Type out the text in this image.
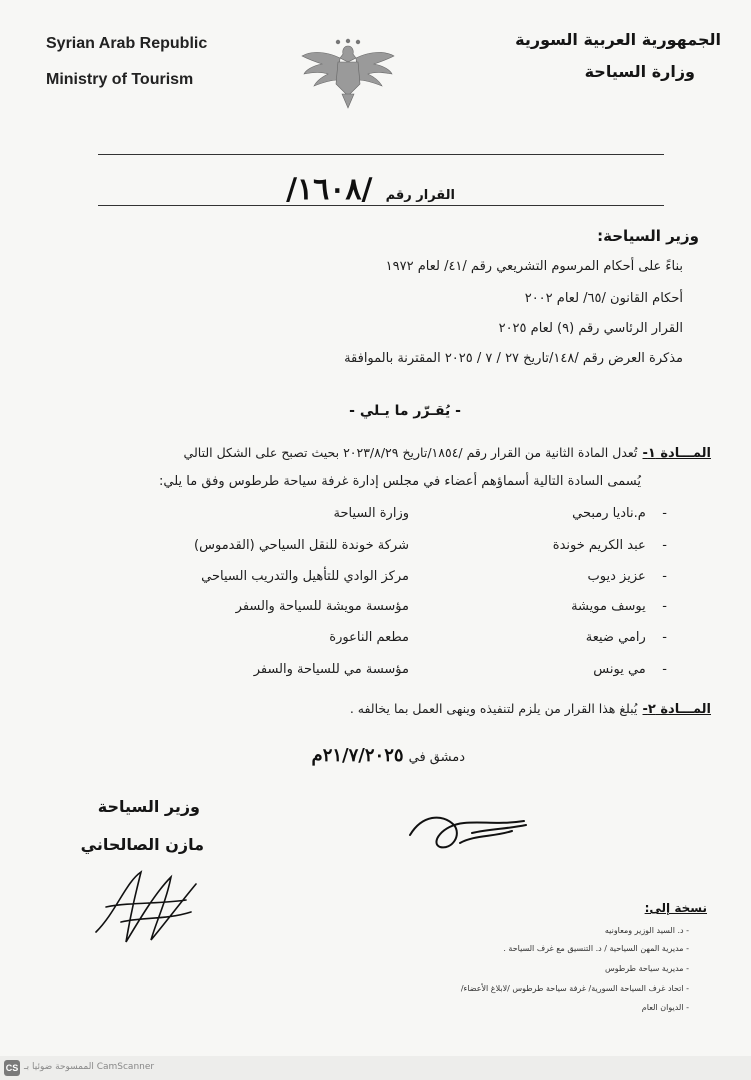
Syrian Arab Republic
Ministry of Tourism
الجمهورية العربية السورية
وزارة السياحة
القرار رقم /١٦٠٨/
وزير السياحة:
بناءً على أحكام المرسوم التشريعي رقم /٤١/ لعام ١٩٧٢
أحكام القانون /٦٥/ لعام ٢٠٠٢
القرار الرئاسي رقم (٩) لعام ٢٠٢٥
مذكرة العرض رقم /١٤٨/تاريخ ٢٧ / ٧ / ٢٠٢٥ المقترنة بالموافقة
- يُقـرّر ما يـلي -
المـــادة ١- تُعدل المادة الثانية من القرار رقم /١٨٥٤/تاريخ ٢٠٢٣/٨/٢٩ بحيث تصبح على الشكل التالي
يُسمى السادة التالية أسماؤهم أعضاء في مجلس إدارة غرفة سياحة طرطوس وفق ما يلي:
-    م.ناديا رمبحي
وزارة السياحة
-    عبد الكريم خوندة
شركة خوندة للنقل السياحي (القدموس)
-    عزيز ديوب
مركز الوادي للتأهيل والتدريب السياحي
-    يوسف مويشة
مؤسسة مويشة للسياحة والسفر
-    رامي ضيعة
مطعم الناعورة
-    مي يونس
مؤسسة مي للسياحة والسفر
المـــادة ٢- يُبلغ هذا القرار من يلزم لتنفيذه وينهى العمل بما يخالفه .
دمشق في ٢١/٧/٢٠٢٥م
وزير السياحة
مازن الصالحاني
نسخة إلى:
- د. السيد الوزير ومعاونيه
- مديرية المهن السياحية / د. التنسيق مع غرف السياحة .
- مديرية سياحة طرطوس
- اتحاد غرف السياحة السورية/ غرفة سياحة طرطوس /لابلاغ الأعضاء/
- الديوان العام
CS الممسوحة ضوئيا بـ CamScanner
